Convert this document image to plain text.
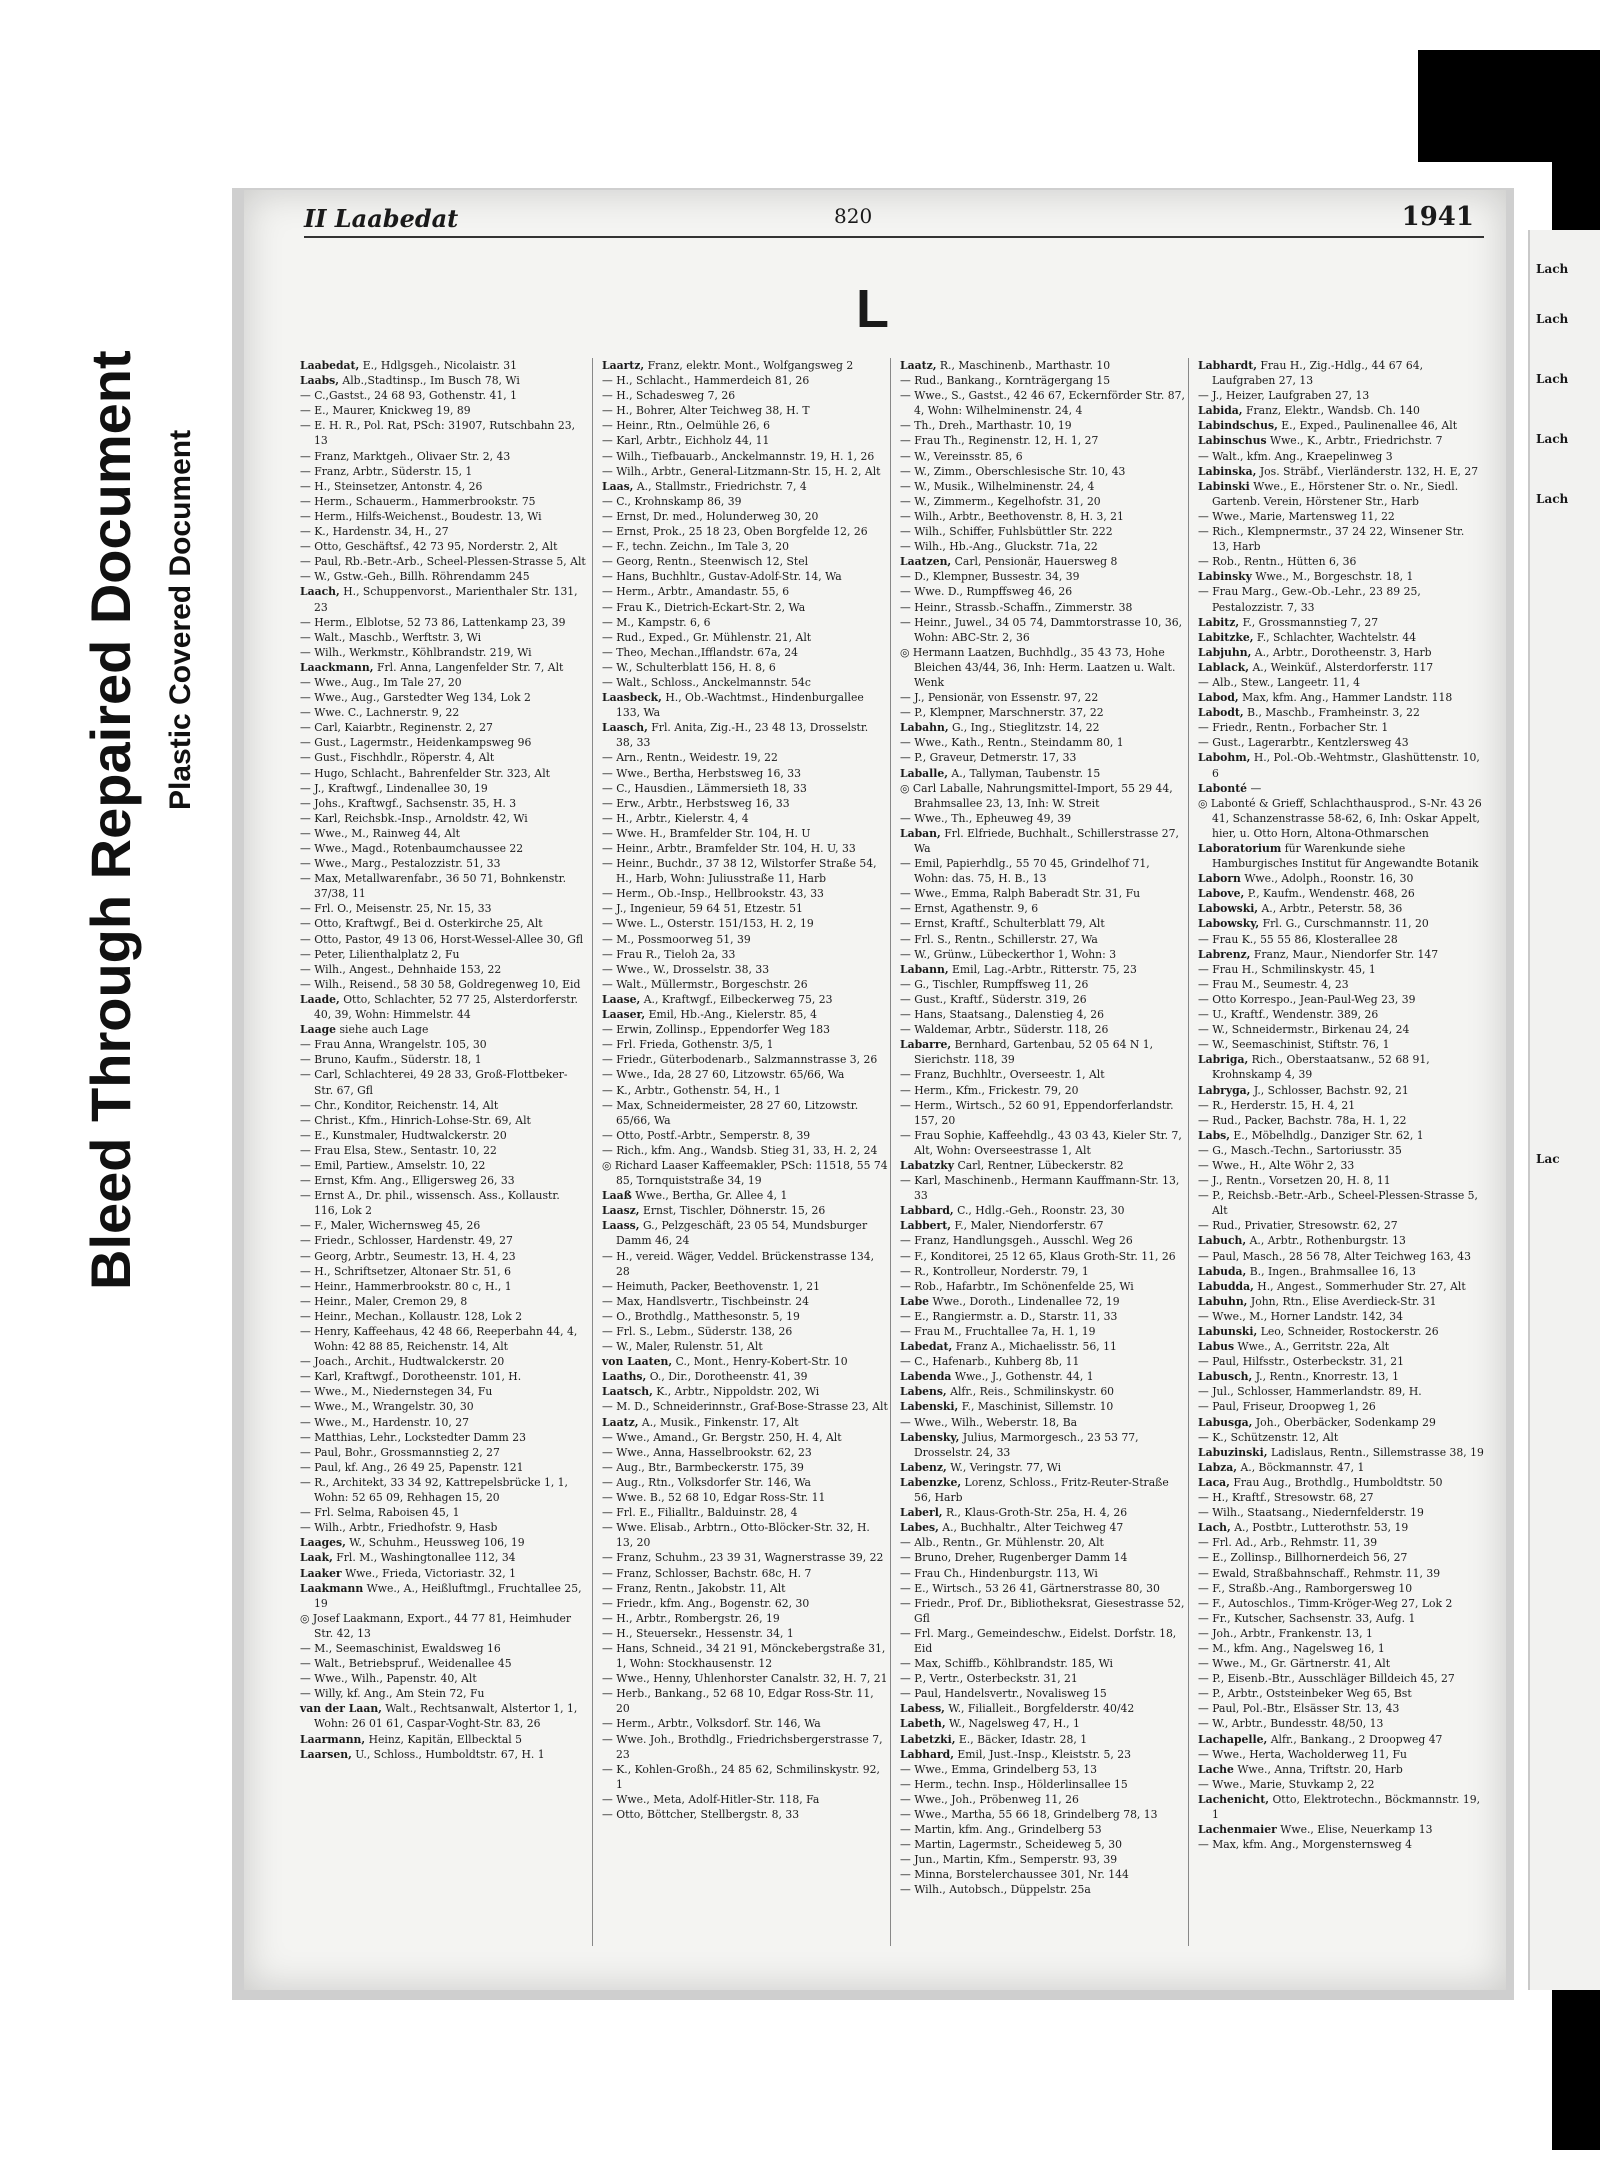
Bleed Through Repaired Document Plastic Covered Document
Lach
Lach
Lach
Lach
Lach
Lac
II Laabedat	820	1941
L

Laabedat, E., Hdlgsgeh., Nicolaistr. 31

Laabs, Alb.,Stadtinsp., Im Busch 78, Wi

— C.,Gastst., 24 68 93, Gothenstr. 41, 1

— E., Maurer, Knickweg 19, 89

— E. H. R., Pol. Rat, PSch: 31907, Rutschbahn 23, 13

— Franz, Marktgeh., Olivaer Str. 2, 43

— Franz, Arbtr., Süderstr. 15, 1

— H., Steinsetzer, Antonstr. 4, 26

— Herm., Schauerm., Hammerbrookstr. 75

— Herm., Hilfs-Weichenst., Boudestr. 13, Wi

— K., Hardenstr. 34, H., 27

— Otto, Geschäftsf., 42 73 95, Norderstr. 2, Alt

— Paul, Rb.-Betr.-Arb., Scheel-Plessen-Strasse 5, Alt

— W., Gstw.-Geh., Billh. Röhrendamm 245

Laach, H., Schuppenvorst., Marienthaler Str. 131, 23

— Herm., Elblotse, 52 73 86, Lattenkamp 23, 39

— Walt., Maschb., Werftstr. 3, Wi

— Wilh., Werkmstr., Köhlbrandstr. 219, Wi

Laackmann, Frl. Anna, Langenfelder Str. 7, Alt

— Wwe., Aug., Im Tale 27, 20

— Wwe., Aug., Garstedter Weg 134, Lok 2

— Wwe. C., Lachnerstr. 9, 22

— Carl, Kaiarbtr., Reginenstr. 2, 27

— Gust., Lagermstr., Heidenkampsweg 96

— Gust., Fischhdlr., Röperstr. 4, Alt

— Hugo, Schlacht., Bahrenfelder Str. 323, Alt

— J., Kraftwgf., Lindenallee 30, 19

— Johs., Kraftwgf., Sachsenstr. 35, H. 3

— Karl, Reichsbk.-Insp., Arnoldstr. 42, Wi

— Wwe., M., Rainweg 44, Alt

— Wwe., Magd., Rotenbaumchaussee 22

— Wwe., Marg., Pestalozzistr. 51, 33

— Max, Metallwarenfabr., 36 50 71, Bohnkenstr. 37/38, 11

— Frl. O., Meisenstr. 25, Nr. 15, 33

— Otto, Kraftwgf., Bei d. Osterkirche 25, Alt

— Otto, Pastor, 49 13 06, Horst-Wessel-Allee 30, Gfl

— Peter, Lilienthalplatz 2, Fu

— Wilh., Angest., Dehnhaide 153, 22

— Wilh., Reisend., 58 30 58, Goldregenweg 10, Eid

Laade, Otto, Schlachter, 52 77 25, Alsterdorferstr. 40, 39, Wohn: Himmelstr. 44

Laage siehe auch Lage

— Frau Anna, Wrangelstr. 105, 30

— Bruno, Kaufm., Süderstr. 18, 1

— Carl, Schlachterei, 49 28 33, Groß-Flottbeker-Str. 67, Gfl

— Chr., Konditor, Reichenstr. 14, Alt

— Christ., Kfm., Hinrich-Lohse-Str. 69, Alt

— E., Kunstmaler, Hudtwalckerstr. 20

— Frau Elsa, Stew., Sentastr. 10, 22

— Emil, Partiew., Amselstr. 10, 22

— Ernst, Kfm. Ang., Elligersweg 26, 33

— Ernst A., Dr. phil., wissensch. Ass., Kollaustr. 116, Lok 2

— F., Maler, Wichernsweg 45, 26

— Friedr., Schlosser, Hardenstr. 49, 27

— Georg, Arbtr., Seumestr. 13, H. 4, 23

— H., Schriftsetzer, Altonaer Str. 51, 6

— Heinr., Hammerbrookstr. 80 c, H., 1

— Heinr., Maler, Cremon 29, 8

— Heinr., Mechan., Kollaustr. 128, Lok 2

— Henry, Kaffeehaus, 42 48 66, Reeperbahn 44, 4, Wohn: 42 88 85, Reichenstr. 14, Alt

— Joach., Archit., Hudtwalckerstr. 20

— Karl, Kraftwgf., Dorotheenstr. 101, H.

— Wwe., M., Niedernstegen 34, Fu

— Wwe., M., Wrangelstr. 30, 30

— Wwe., M., Hardenstr. 10, 27

— Matthias, Lehr., Lockstedter Damm 23

— Paul, Bohr., Grossmannstieg 2, 27

— Paul, kf. Ang., 26 49 25, Papenstr. 121

— R., Architekt, 33 34 92, Kattrepelsbrücke 1, 1, Wohn: 52 65 09, Rehhagen 15, 20

— Frl. Selma, Raboisen 45, 1

— Wilh., Arbtr., Friedhofstr. 9, Hasb

Laages, W., Schuhm., Heussweg 106, 19

Laak, Frl. M., Washingtonallee 112, 34

Laaker Wwe., Frieda, Victoriastr. 32, 1

Laakmann Wwe., A., Heißluftmgl., Fruchtallee 25, 19

◎ Josef Laakmann, Export., 44 77 81, Heimhuder Str. 42, 13

— M., Seemaschinist, Ewaldsweg 16

— Walt., Betriebspruf., Weidenallee 45

— Wwe., Wilh., Papenstr. 40, Alt

— Willy, kf. Ang., Am Stein 72, Fu

van der Laan, Walt., Rechtsanwalt, Alstertor 1, 1, Wohn: 26 01 61, Caspar-Voght-Str. 83, 26

Laarmann, Heinz, Kapitän, Ellbecktal 5

Laarsen, U., Schloss., Humboldtstr. 67, H. 1

Laartz, Franz, elektr. Mont., Wolfgangsweg 2

— H., Schlacht., Hammerdeich 81, 26

— H., Schadesweg 7, 26

— H., Bohrer, Alter Teichweg 38, H. T

— Heinr., Rtn., Oelmühle 26, 6

— Karl, Arbtr., Eichholz 44, 11

— Wilh., Tiefbauarb., Anckelmannstr. 19, H. 1, 26

— Wilh., Arbtr., General-Litzmann-Str. 15, H. 2, Alt

Laas, A., Stallmstr., Friedrichstr. 7, 4

— C., Krohnskamp 86, 39

— Ernst, Dr. med., Holunderweg 30, 20

— Ernst, Prok., 25 18 23, Oben Borgfelde 12, 26

— F., techn. Zeichn., Im Tale 3, 20

— Georg, Rentn., Steenwisch 12, Stel

— Hans, Buchhltr., Gustav-Adolf-Str. 14, Wa

— Herm., Arbtr., Amandastr. 55, 6

— Frau K., Dietrich-Eckart-Str. 2, Wa

— M., Kampstr. 6, 6

— Rud., Exped., Gr. Mühlenstr. 21, Alt

— Theo, Mechan.,Ifflandstr. 67a, 24

— W., Schulterblatt 156, H. 8, 6

— Walt., Schloss., Anckelmannstr. 54c

Laasbeck, H., Ob.-Wachtmst., Hindenburgallee 133, Wa

Laasch, Frl. Anita, Zig.-H., 23 48 13, Drosselstr. 38, 33

— Arn., Rentn., Weidestr. 19, 22

— Wwe., Bertha, Herbstsweg 16, 33

— C., Hausdien., Lämmersieth 18, 33

— Erw., Arbtr., Herbstsweg 16, 33

— H., Arbtr., Kielerstr. 4, 4

— Wwe. H., Bramfelder Str. 104, H. U

— Heinr., Arbtr., Bramfelder Str. 104, H. U, 33

— Heinr., Buchdr., 37 38 12, Wilstorfer Straße 54, H., Harb, Wohn: Juliusstraße 11, Harb

— Herm., Ob.-Insp., Hellbrookstr. 43, 33

— J., Ingenieur, 59 64 51, Etzestr. 51

— Wwe. L., Osterstr. 151/153, H. 2, 19

— M., Possmoorweg 51, 39

— Frau R., Tieloh 2a, 33

— Wwe., W., Drosselstr. 38, 33

— Walt., Müllermstr., Borgeschstr. 26

Laase, A., Kraftwgf., Eilbeckerweg 75, 23

Laaser, Emil, Hb.-Ang., Kielerstr. 85, 4

— Erwin, Zollinsp., Eppendorfer Weg 183

— Frl. Frieda, Gothenstr. 3/5, 1

— Friedr., Güterbodenarb., Salzmannstrasse 3, 26

— Wwe., Ida, 28 27 60, Litzowstr. 65/66, Wa

— K., Arbtr., Gothenstr. 54, H., 1

— Max, Schneidermeister, 28 27 60, Litzowstr. 65/66, Wa

— Otto, Postf.-Arbtr., Semperstr. 8, 39

— Rich., kfm. Ang., Wandsb. Stieg 31, 33, H. 2, 24

◎ Richard Laaser Kaffeemakler, PSch: 11518, 55 74 85, Tornquiststraße 34, 19

Laaß Wwe., Bertha, Gr. Allee 4, 1

Laasz, Ernst, Tischler, Döhnerstr. 15, 26

Laass, G., Pelzgeschäft, 23 05 54, Mundsburger Damm 46, 24

— H., vereid. Wäger, Veddel. Brückenstrasse 134, 28

— Heimuth, Packer, Beethovenstr. 1, 21

— Max, Handlsvertr., Tischbeinstr. 24

— O., Brothdlg., Matthesonstr. 5, 19

— Frl. S., Lebm., Süderstr. 138, 26

— W., Maler, Rulenstr. 51, Alt

von Laaten, C., Mont., Henry-Kobert-Str. 10

Laaths, O., Dir., Dorotheenstr. 41, 39

Laatsch, K., Arbtr., Nippoldstr. 202, Wi

— M. D., Schneiderinnstr., Graf-Bose-Strasse 23, Alt

Laatz, A., Musik., Finkenstr. 17, Alt

— Wwe., Amand., Gr. Bergstr. 250, H. 4, Alt

— Wwe., Anna, Hasselbrookstr. 62, 23

— Aug., Btr., Barmbeckerstr. 175, 39

— Aug., Rtn., Volksdorfer Str. 146, Wa

— Wwe. B., 52 68 10, Edgar Ross-Str. 11

— Frl. E., Filialltr., Balduinstr. 28, 4

— Wwe. Elisab., Arbtrn., Otto-Blöcker-Str. 32, H. 13, 20

— Franz, Schuhm., 23 39 31, Wagnerstrasse 39, 22

— Franz, Schlosser, Bachstr. 68c, H. 7

— Franz, Rentn., Jakobstr. 11, Alt

— Friedr., kfm. Ang., Bogenstr. 62, 30

— H., Arbtr., Rombergstr. 26, 19

— H., Steuersekr., Hessenstr. 34, 1

— Hans, Schneid., 34 21 91, Mönckebergstraße 31, 1, Wohn: Stockhausenstr. 12

— Wwe., Henny, Uhlenhorster Canalstr. 32, H. 7, 21

— Herb., Bankang., 52 68 10, Edgar Ross-Str. 11, 20

— Herm., Arbtr., Volksdorf. Str. 146, Wa

— Wwe. Joh., Brothdlg., Friedrichsbergerstrasse 7, 23

— K., Kohlen-Großh., 24 85 62, Schmilinskystr. 92, 1

— Wwe., Meta, Adolf-Hitler-Str. 118, Fa

— Otto, Böttcher, Stellbergstr. 8, 33

Laatz, R., Maschinenb., Marthastr. 10

— Rud., Bankang., Kornträgergang 15

— Wwe., S., Gastst., 42 46 67, Eckernförder Str. 87, 4, Wohn: Wilhelminenstr. 24, 4

— Th., Dreh., Marthastr. 10, 19

— Frau Th., Reginenstr. 12, H. 1, 27

— W., Vereinsstr. 85, 6

— W., Zimm., Oberschlesische Str. 10, 43

— W., Musik., Wilhelminenstr. 24, 4

— W., Zimmerm., Kegelhofstr. 31, 20

— Wilh., Arbtr., Beethovenstr. 8, H. 3, 21

— Wilh., Schiffer, Fuhlsbüttler Str. 222

— Wilh., Hb.-Ang., Gluckstr. 71a, 22

Laatzen, Carl, Pensionär, Hauersweg 8

— D., Klempner, Bussestr. 34, 39

— Wwe. D., Rumpffsweg 46, 26

— Heinr., Strassb.-Schaffn., Zimmerstr. 38

— Heinr., Juwel., 34 05 74, Dammtorstrasse 10, 36, Wohn: ABC-Str. 2, 36

◎ Hermann Laatzen, Buchhdlg., 35 43 73, Hohe Bleichen 43/44, 36, Inh: Herm. Laatzen u. Walt. Wenk

— J., Pensionär, von Essenstr. 97, 22

— P., Klempner, Marschnerstr. 37, 22

Labahn, G., Ing., Stieglitzstr. 14, 22

— Wwe., Kath., Rentn., Steindamm 80, 1

— P., Graveur, Detmerstr. 17, 33

Laballe, A., Tallyman, Taubenstr. 15

◎ Carl Laballe, Nahrungsmittel-Import, 55 29 44, Brahmsallee 23, 13, Inh: W. Streit

— Wwe., Th., Epheuweg 49, 39

Laban, Frl. Elfriede, Buchhalt., Schillerstrasse 27, Wa

— Emil, Papierhdlg., 55 70 45, Grindelhof 71, Wohn: das. 75, H. B., 13

— Wwe., Emma, Ralph Baberadt Str. 31, Fu

— Ernst, Agathenstr. 9, 6

— Ernst, Kraftf., Schulterblatt 79, Alt

— Frl. S., Rentn., Schillerstr. 27, Wa

— W., Grünw., Lübeckerthor 1, Wohn: 3

Labann, Emil, Lag.-Arbtr., Ritterstr. 75, 23

— G., Tischler, Rumpffsweg 11, 26

— Gust., Kraftf., Süderstr. 319, 26

— Hans, Staatsang., Dalenstieg 4, 26

— Waldemar, Arbtr., Süderstr. 118, 26

Labarre, Bernhard, Gartenbau, 52 05 64 N 1, Sierichstr. 118, 39

— Franz, Buchhltr., Overseestr. 1, Alt

— Herm., Kfm., Frickestr. 79, 20

— Herm., Wirtsch., 52 60 91, Eppendorferlandstr. 157, 20

— Frau Sophie, Kaffeehdlg., 43 03 43, Kieler Str. 7, Alt, Wohn: Overseestrasse 1, Alt

Labatzky Carl, Rentner, Lübeckerstr. 82

— Karl, Maschinenb., Hermann Kauffmann-Str. 13, 33

Labbard, C., Hdlg.-Geh., Roonstr. 23, 30

Labbert, F., Maler, Niendorferstr. 67

— Franz, Handlungsgeh., Ausschl. Weg 26

— F., Konditorei, 25 12 65, Klaus Groth-Str. 11, 26

— R., Kontrolleur, Norderstr. 79, 1

— Rob., Hafarbtr., Im Schönenfelde 25, Wi

Labe Wwe., Doroth., Lindenallee 72, 19

— E., Rangiermstr. a. D., Starstr. 11, 33

— Frau M., Fruchtallee 7a, H. 1, 19

Labedat, Franz A., Michaelisstr. 56, 11

— C., Hafenarb., Kuhberg 8b, 11

Labenda Wwe., J., Gothenstr. 44, 1

Labens, Alfr., Reis., Schmilinskystr. 60

Labenski, F., Maschinist, Sillemstr. 10

— Wwe., Wilh., Weberstr. 18, Ba

Labensky, Julius, Marmorgesch., 23 53 77, Drosselstr. 24, 33

Labenz, W., Veringstr. 77, Wi

Labenzke, Lorenz, Schloss., Fritz-Reuter-Straße 56, Harb

Laberl, R., Klaus-Groth-Str. 25a, H. 4, 26

Labes, A., Buchhaltr., Alter Teichweg 47

— Alb., Rentn., Gr. Mühlenstr. 20, Alt

— Bruno, Dreher, Rugenberger Damm 14

— Frau Ch., Hindenburgstr. 113, Wi

— E., Wirtsch., 53 26 41, Gärtnerstrasse 80, 30

— Friedr., Prof. Dr., Bibliotheksrat, Giesestrasse 52, Gfl

— Frl. Marg., Gemeindeschw., Eidelst. Dorfstr. 18, Eid

— Max, Schiffb., Köhlbrandstr. 185, Wi

— P., Vertr., Osterbeckstr. 31, 21

— Paul, Handelsvertr., Novalisweg 15

Labess, W., Filialleit., Borgfelderstr. 40/42

Labeth, W., Nagelsweg 47, H., 1

Labetzki, E., Bäcker, Idastr. 28, 1

Labhard, Emil, Just.-Insp., Kleiststr. 5, 23

— Wwe., Emma, Grindelberg 53, 13

— Herm., techn. Insp., Hölderlinsallee 15

— Wwe., Joh., Pröbenweg 11, 26

— Wwe., Martha, 55 66 18, Grindelberg 78, 13

— Martin, kfm. Ang., Grindelberg 53

— Martin, Lagermstr., Scheideweg 5, 30

— Jun., Martin, Kfm., Semperstr. 93, 39

— Minna, Borstelerchaussee 301, Nr. 144

— Wilh., Autobsch., Düppelstr. 25a

Labhardt, Frau H., Zig.-Hdlg., 44 67 64, Laufgraben 27, 13

— J., Heizer, Laufgraben 27, 13

Labida, Franz, Elektr., Wandsb. Ch. 140

Labindschus, E., Exped., Paulinenallee 46, Alt

Labinschus Wwe., K., Arbtr., Friedrichstr. 7

— Walt., kfm. Ang., Kraepelinweg 3

Labinska, Jos. Sträbf., Vierländerstr. 132, H. E, 27

Labinski Wwe., E., Hörstener Str. o. Nr., Siedl. Gartenb. Verein, Hörstener Str., Harb

— Wwe., Marie, Martensweg 11, 22

— Rich., Klempnermstr., 37 24 22, Winsener Str. 13, Harb

— Rob., Rentn., Hütten 6, 36

Labinsky Wwe., M., Borgeschstr. 18, 1

— Frau Marg., Gew.-Ob.-Lehr., 23 89 25, Pestalozzistr. 7, 33

Labitz, F., Grossmannstieg 7, 27

Labitzke, F., Schlachter, Wachtelstr. 44

Labjuhn, A., Arbtr., Dorotheenstr. 3, Harb

Lablack, A., Weinküf., Alsterdorferstr. 117

— Alb., Stew., Langeetr. 11, 4

Labod, Max, kfm. Ang., Hammer Landstr. 118

Labodt, B., Maschb., Framheinstr. 3, 22

— Friedr., Rentn., Forbacher Str. 1

— Gust., Lagerarbtr., Kentzlersweg 43

Labohm, H., Pol.-Ob.-Wehtmstr., Glashüttenstr. 10, 6

Labonté —

◎ Labonté & Grieff, Schlachthausprod., S-Nr. 43 26 41, Schanzenstrasse 58-62, 6, Inh: Oskar Appelt, hier, u. Otto Horn, Altona-Othmarschen

Laboratorium für Warenkunde siehe Hamburgisches Institut für Angewandte Botanik

Laborn Wwe., Adolph., Roonstr. 16, 30

Labove, P., Kaufm., Wendenstr. 468, 26

Labowski, A., Arbtr., Peterstr. 58, 36

Labowsky, Frl. G., Curschmannstr. 11, 20

— Frau K., 55 55 86, Klosterallee 28

Labrenz, Franz, Maur., Niendorfer Str. 147

— Frau H., Schmilinskystr. 45, 1

— Frau M., Seumestr. 4, 23

— Otto Korrespo., Jean-Paul-Weg 23, 39

— U., Kraftf., Wendenstr. 389, 26

— W., Schneidermstr., Birkenau 24, 24

— W., Seemaschinist, Stiftstr. 76, 1

Labriga, Rich., Oberstaatsanw., 52 68 91, Krohnskamp 4, 39

Labryga, J., Schlosser, Bachstr. 92, 21

— R., Herderstr. 15, H. 4, 21

— Rud., Packer, Bachstr. 78a, H. 1, 22

Labs, E., Möbelhdlg., Danziger Str. 62, 1

— G., Masch.-Techn., Sartoriusstr. 35

— Wwe., H., Alte Wöhr 2, 33

— J., Rentn., Vorsetzen 20, H. 8, 11

— P., Reichsb.-Betr.-Arb., Scheel-Plessen-Strasse 5, Alt

— Rud., Privatier, Stresowstr. 62, 27

Labuch, A., Arbtr., Rothenburgstr. 13

— Paul, Masch., 28 56 78, Alter Teichweg 163, 43

Labuda, B., Ingen., Brahmsallee 16, 13

Labudda, H., Angest., Sommerhuder Str. 27, Alt

Labuhn, John, Rtn., Elise Averdieck-Str. 31

— Wwe., M., Horner Landstr. 142, 34

Labunski, Leo, Schneider, Rostockerstr. 26

Labus Wwe., A., Gerritstr. 22a, Alt

— Paul, Hilfsstr., Osterbeckstr. 31, 21

Labusch, J., Rentn., Knorrestr. 13, 1

— Jul., Schlosser, Hammerlandstr. 89, H.

— Paul, Friseur, Droopweg 1, 26

Labusga, Joh., Oberbäcker, Sodenkamp 29

— K., Schützenstr. 12, Alt

Labuzinski, Ladislaus, Rentn., Sillemstrasse 38, 19

Labza, A., Böckmannstr. 47, 1

Laca, Frau Aug., Brothdlg., Humboldtstr. 50

— H., Kraftf., Stresowstr. 68, 27

— Wilh., Staatsang., Niedernfelderstr. 19

Lach, A., Postbtr., Lutterothstr. 53, 19

— Frl. Ad., Arb., Rehmstr. 11, 39

— E., Zollinsp., Billhornerdeich 56, 27

— Ewald, Straßbahnschaff., Rehmstr. 11, 39

— F., Straßb.-Ang., Ramborgersweg 10

— F., Autoschlos., Timm-Kröger-Weg 27, Lok 2

— Fr., Kutscher, Sachsenstr. 33, Aufg. 1

— Joh., Arbtr., Frankenstr. 13, 1

— M., kfm. Ang., Nagelsweg 16, 1

— Wwe., M., Gr. Gärtnerstr. 41, Alt

— P., Eisenb.-Btr., Ausschläger Billdeich 45, 27

— P., Arbtr., Oststeinbeker Weg 65, Bst

— Paul, Pol.-Btr., Elsässer Str. 13, 43

— W., Arbtr., Bundesstr. 48/50, 13

Lachapelle, Alfr., Bankang., 2 Droopweg 47

— Wwe., Herta, Wacholderweg 11, Fu

Lache Wwe., Anna, Triftstr. 20, Harb

— Wwe., Marie, Stuvkamp 2, 22

Lachenicht, Otto, Elektrotechn., Böckmannstr. 19, 1

Lachenmaier Wwe., Elise, Neuerkamp 13

— Max, kfm. Ang., Morgensternsweg 4
